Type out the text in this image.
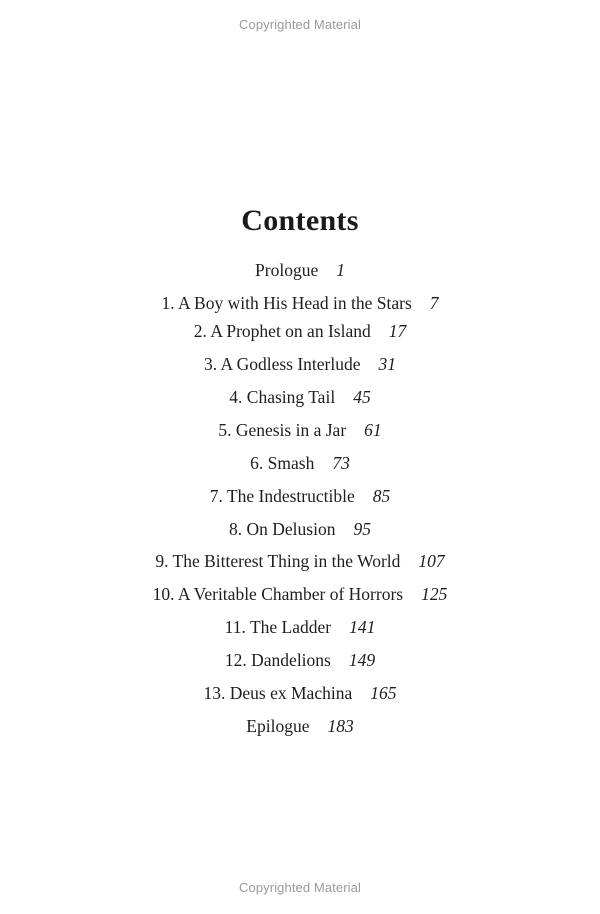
Copyrighted Material
Contents
Prologue 1
1. A Boy with His Head in the Stars 7
2. A Prophet on an Island 17
3. A Godless Interlude 31
4. Chasing Tail 45
5. Genesis in a Jar 61
6. Smash 73
7. The Indestructible 85
8. On Delusion 95
9. The Bitterest Thing in the World 107
10. A Veritable Chamber of Horrors 125
11. The Ladder 141
12. Dandelions 149
13. Deus ex Machina 165
Epilogue 183
Copyrighted Material
